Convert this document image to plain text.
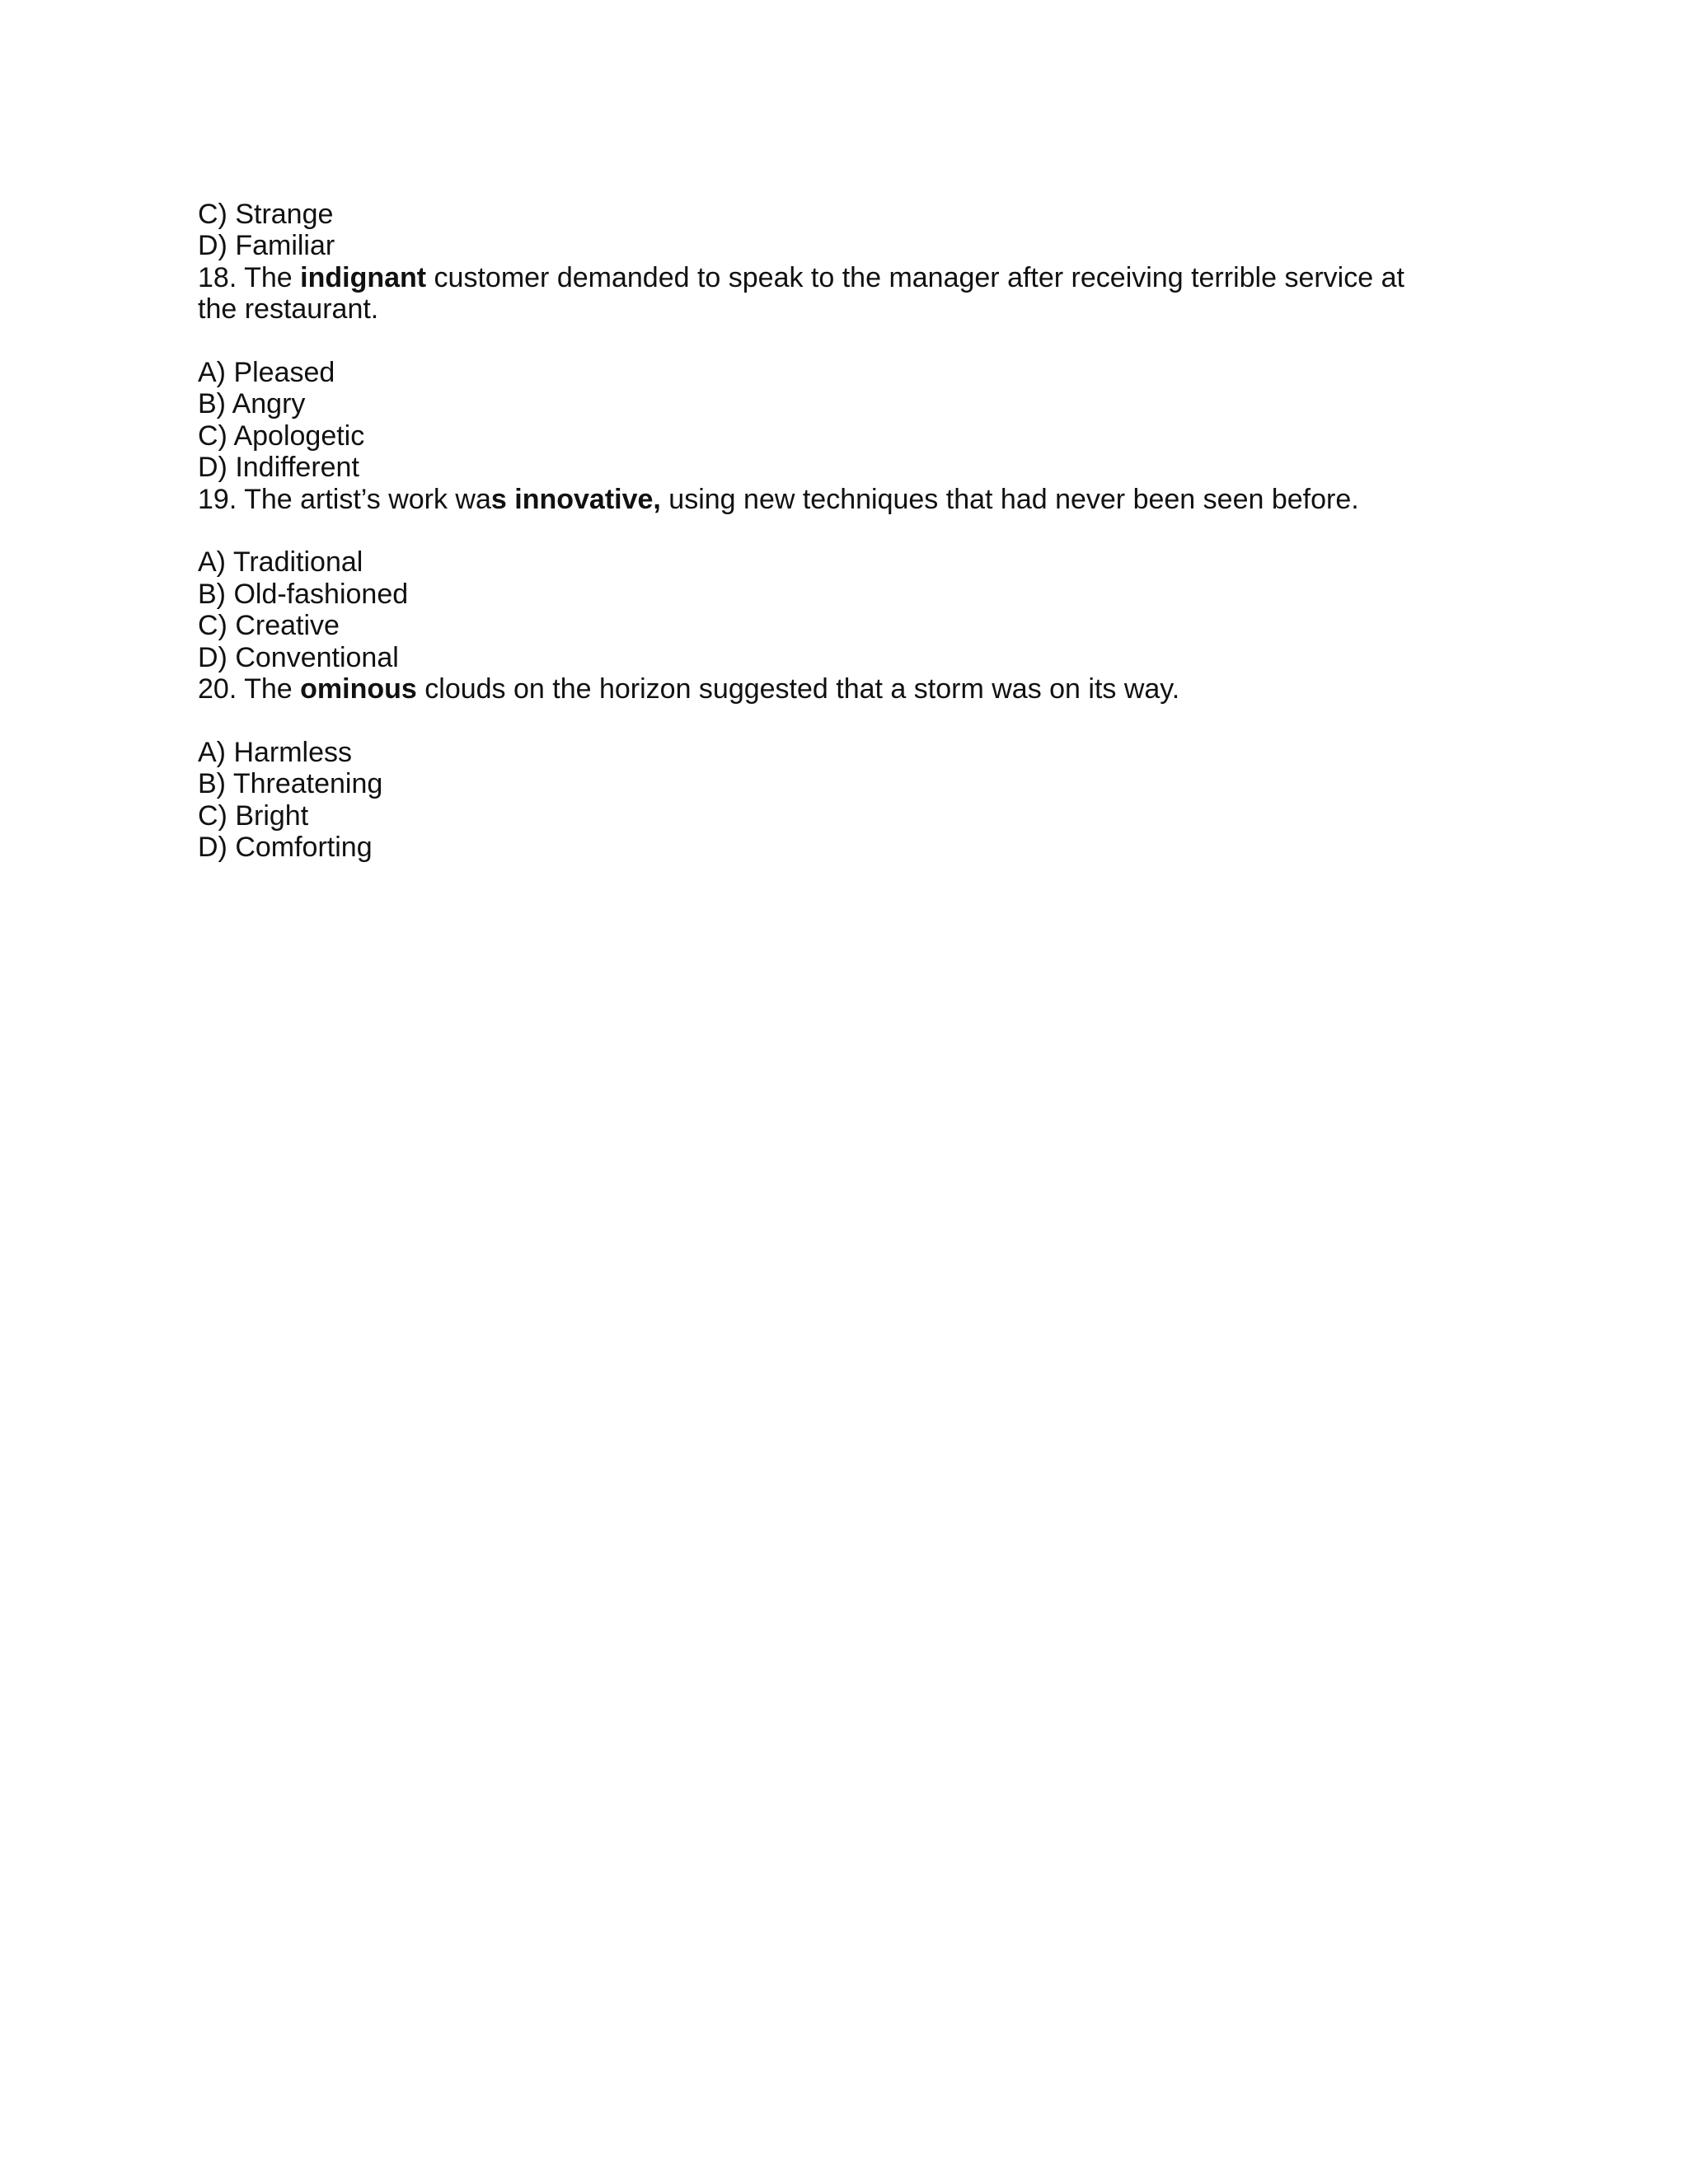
C) Strange
D) Familiar
18. The indignant customer demanded to speak to the manager after receiving terrible service at the restaurant.
A) Pleased
B) Angry
C) Apologetic
D) Indifferent
19. The artist’s work was innovative, using new techniques that had never been seen before.
A) Traditional
B) Old-fashioned
C) Creative
D) Conventional
20. The ominous clouds on the horizon suggested that a storm was on its way.
A) Harmless
B) Threatening
C) Bright
D) Comforting
